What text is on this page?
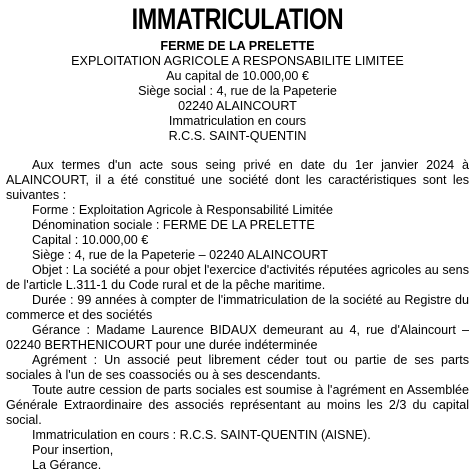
IMMATRICULATION
FERME DE LA PRELETTE
EXPLOITATION AGRICOLE A RESPONSABILITE LIMITEE
Au capital de 10.000,00 €
Siège social : 4, rue de la Papeterie
02240 ALAINCOURT
Immatriculation en cours
R.C.S. SAINT-QUENTIN

Aux termes d'un acte sous seing privé en date du 1er janvier 2024 à ALAINCOURT, il a été constitué une société dont les caractéristiques sont les suivantes :

Forme : Exploitation Agricole à Responsabilité Limitée

Dénomination sociale : FERME DE LA PRELETTE

Capital : 10.000,00 €

Siège : 4, rue de la Papeterie – 02240 ALAINCOURT

Objet : La société a pour objet l'exercice d'activités réputées agricoles au sens de l'article L.311-1 du Code rural et de la pêche maritime.

Durée : 99 années à compter de l'immatriculation de la société au Registre du commerce et des sociétés

Gérance : Madame Laurence BIDAUX demeurant au 4, rue d'Alaincourt – 02240 BERTHENICOURT pour une durée indéterminée

Agrément : Un associé peut librement céder tout ou partie de ses parts sociales à l'un de ses coassociés ou à ses descendants.

Toute autre cession de parts sociales est soumise à l'agrément en Assemblée Générale Extraordinaire des associés représentant au moins les 2/3 du capital social.

Immatriculation en cours : R.C.S. SAINT-QUENTIN (AISNE).

Pour insertion,

La Gérance.
